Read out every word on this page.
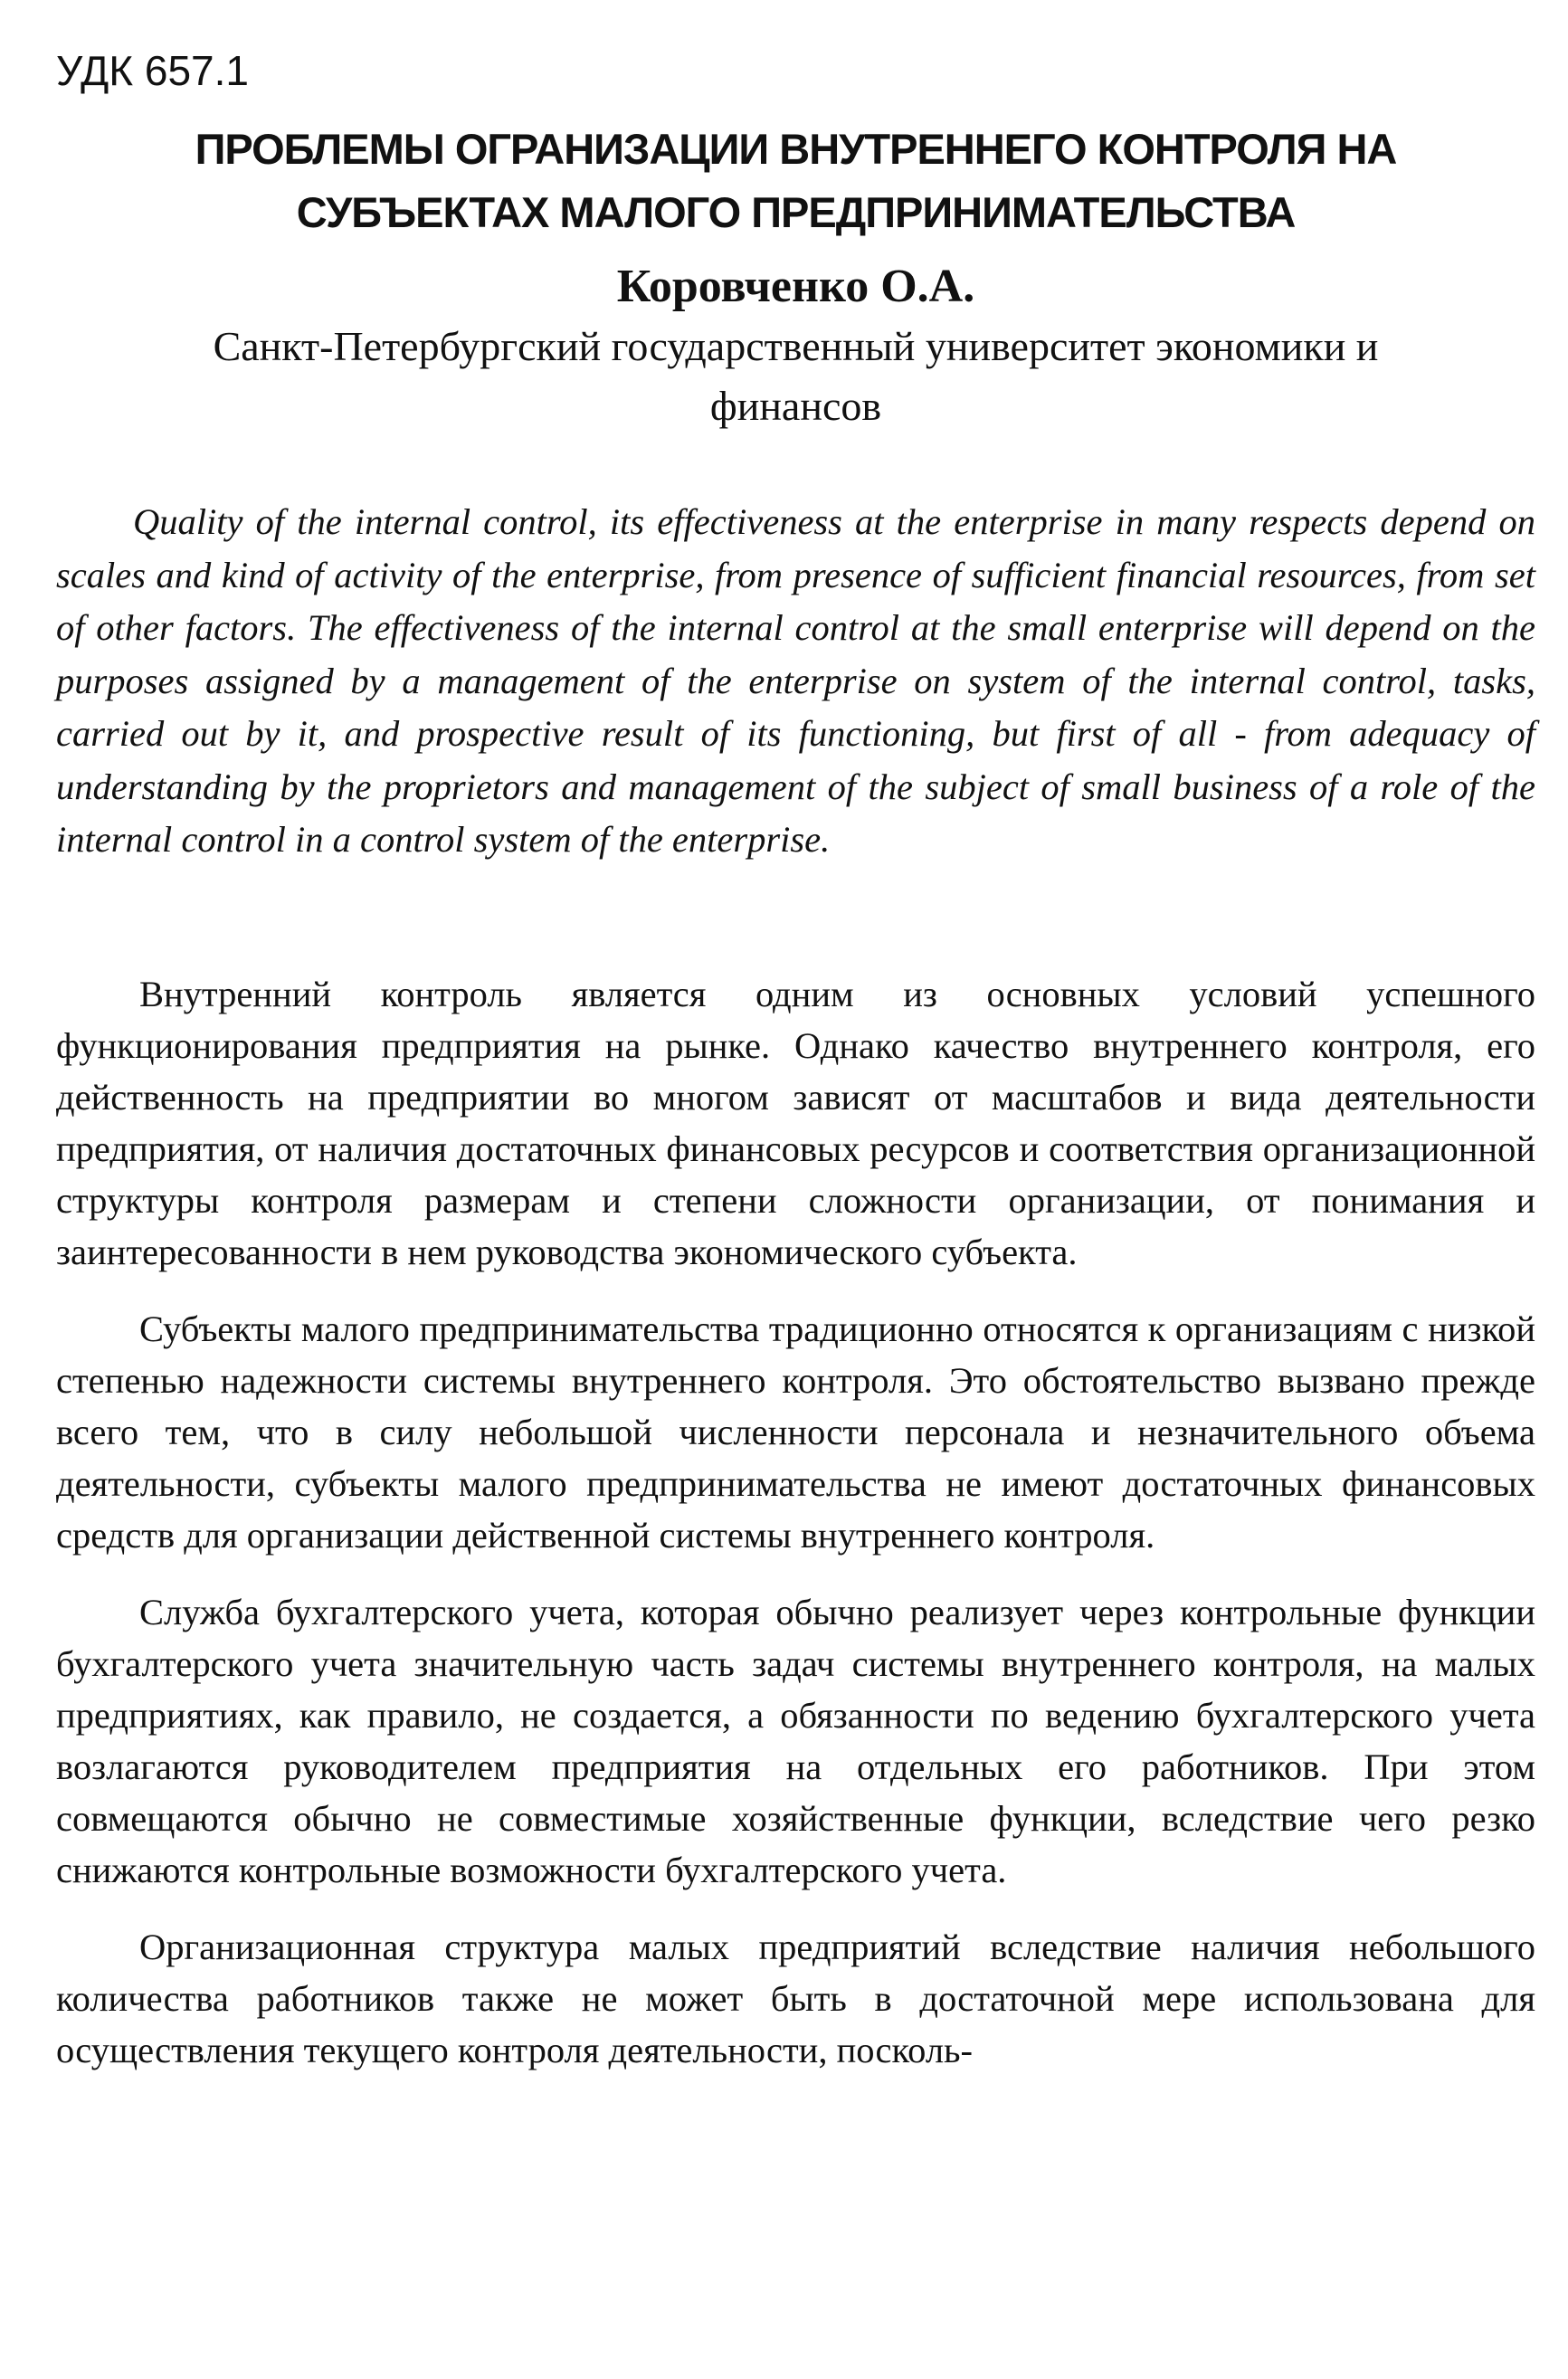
УДК 657.1
ПРОБЛЕМЫ ОГРАНИЗАЦИИ ВНУТРЕННЕГО КОНТРОЛЯ НА
СУБЪЕКТАХ МАЛОГО ПРЕДПРИНИМАТЕЛЬСТВА
Коровченко О.А.
Санкт-Петербургский государственный университет экономики и
финансов

Quality of the internal control, its effectiveness at the enterprise in many respects depend on scales and kind of activity of the enterprise, from presence of sufficient financial resources, from set of other factors. The effectiveness of the internal control at the small enterprise will depend on the purposes assigned by a management of the enterprise on system of the internal control, tasks, carried out by it, and prospective result of its functioning, but first of all - from adequacy of understanding by the proprietors and management of the subject of small business of a role of the internal control in a control system of the enterprise.

Внутренний контроль является одним из основных условий успешного функционирования предприятия на рынке. Однако качество внутреннего контроля, его действенность на предприятии во многом зависят от масштабов и вида деятельности предприятия, от наличия достаточных финансовых ресурсов и соответствия организационной структуры контроля размерам и степени сложности организации, от понимания и заинтересованности в нем руководства экономического субъекта.

Субъекты малого предпринимательства традиционно относятся к организациям с низкой степенью надежности системы внутреннего контроля. Это обстоятельство вызвано прежде всего тем, что в силу небольшой численности персонала и незначительного объема деятельности, субъекты малого предпринимательства не имеют достаточных финансовых средств для организации действенной системы внутреннего контроля.

Служба бухгалтерского учета, которая обычно реализует через контрольные функции бухгалтерского учета значительную часть задач системы внутреннего контроля, на малых предприятиях, как правило, не создается, а обязанности по ведению бухгалтерского учета возлагаются руководителем предприятия на отдельных его работников. При этом совмещаются обычно не совместимые хозяйственные функции, вследствие чего резко снижаются контрольные возможности бухгалтерского учета.

Организационная структура малых предприятий вследствие наличия небольшого количества работников также не может быть в достаточной мере использована для осуществления текущего контроля деятельности, посколь-
